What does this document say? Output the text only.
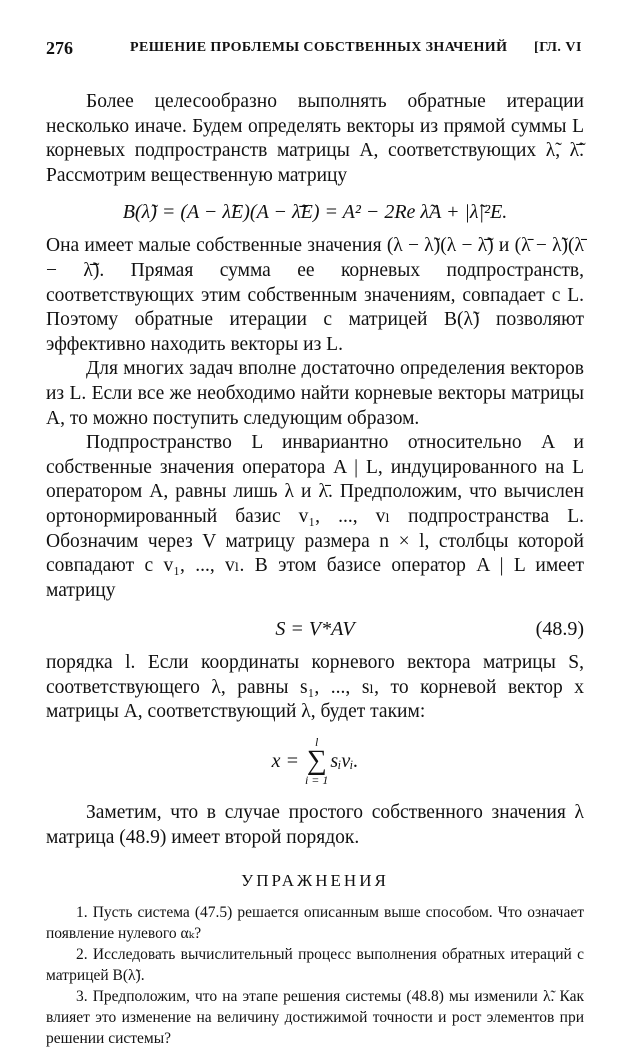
276	РЕШЕНИЕ ПРОБЛЕМЫ СОБСТВЕННЫХ ЗНАЧЕНИЙ [ГЛ. VI

Более целесообразно выполнять обратные итерации несколько иначе. Будем определять векторы из прямой суммы L корневых подпространств матрицы A, соответствующих λ̃, λ̃̄. Рассмотрим вещественную матрицу

B(λ̃) = (A − λ̃E)(A − λ̃̄E) = A² − 2Re λ̃A + |λ̃|²E.

Она имеет малые собственные значения (λ − λ̃)(λ − λ̃̄) и (λ̄ − λ̃)(λ̄ − λ̃̄). Прямая сумма ее корневых подпространств, соответствующих этим собственным значениям, совпадает с L. Поэтому обратные итерации с матрицей B(λ̃) позволяют эффективно находить векторы из L.

Для многих задач вполне достаточно определения векторов из L. Если все же необходимо найти корневые векторы матрицы A, то можно поступить следующим образом.

Подпространство L инвариантно относительно A и собственные значения оператора A | L, индуцированного на L оператором A, равны лишь λ и λ̄. Предположим, что вычислен ортонормированный базис v₁, ..., vₗ подпространства L. Обозначим через V матрицу размера n × l, столбцы которой совпадают с v₁, ..., vₗ. В этом базисе оператор A | L имеет матрицу

S = V*AV	(48.9)

порядка l. Если координаты корневого вектора матрицы S, соответствующего λ, равны s₁, ..., sₗ, то корневой вектор x матрицы A, соответствующий λ, будет таким:

x =
l
∑
i = 1
sᵢvᵢ.

Заметим, что в случае простого собственного значения λ матрица (48.9) имеет второй порядок.

УПРАЖНЕНИЯ

1. Пусть система (47.5) решается описанным выше способом. Что означает появление нулевого αₖ?

2. Исследовать вычислительный процесс выполнения обратных итераций с матрицей B(λ̃).

3. Предположим, что на этапе решения системы (48.8) мы изменили λ̃. Как влияет это изменение на величину достижимой точности и рост элементов при решении системы?
